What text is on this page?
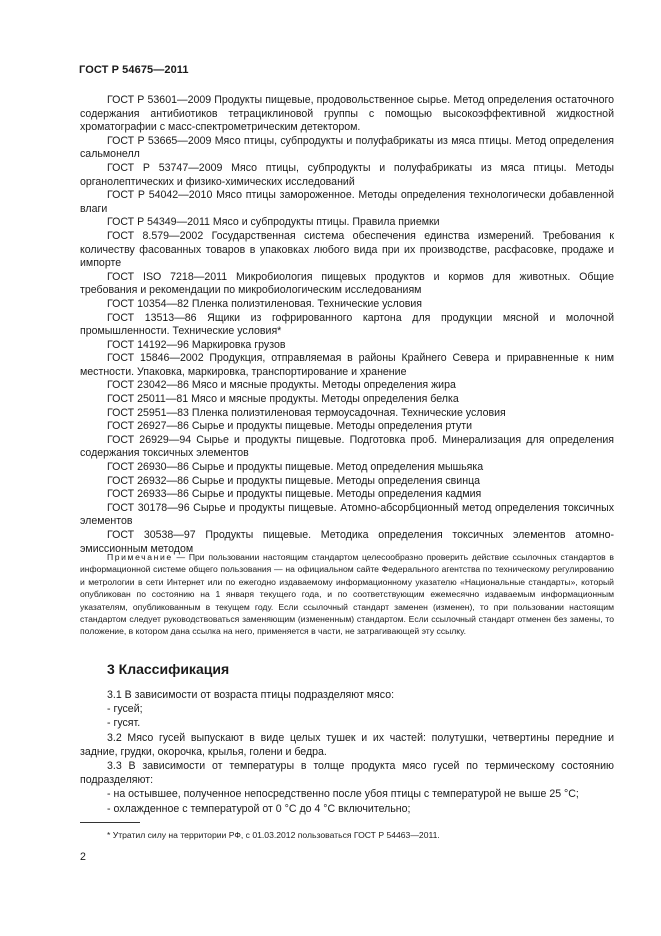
ГОСТ Р 54675—2011

ГОСТ Р 53601—2009 Продукты пищевые, продовольственное сырье. Метод определения остаточного содержания антибиотиков тетрациклиновой группы с помощью высокоэффективной жидкостной хроматографии с масс-спектрометрическим детектором.

ГОСТ Р 53665—2009 Мясо птицы, субпродукты и полуфабрикаты из мяса птицы. Метод определения сальмонелл

ГОСТ Р 53747—2009 Мясо птицы, субпродукты и полуфабрикаты из мяса птицы. Методы органолептических и физико-химических исследований

ГОСТ Р 54042—2010 Мясо птицы замороженное. Методы определения технологически добавленной влаги

ГОСТ Р 54349—2011 Мясо и субпродукты птицы. Правила приемки

ГОСТ 8.579—2002 Государственная система обеспечения единства измерений. Требования к количеству фасованных товаров в упаковках любого вида при их производстве, расфасовке, продаже и импорте

ГОСТ ISO 7218—2011 Микробиология пищевых продуктов и кормов для животных. Общие требования и рекомендации по микробиологическим исследованиям

ГОСТ 10354—82 Пленка полиэтиленовая. Технические условия

ГОСТ 13513—86 Ящики из гофрированного картона для продукции мясной и молочной промышленности. Технические условия*

ГОСТ 14192—96 Маркировка грузов

ГОСТ 15846—2002 Продукция, отправляемая в районы Крайнего Севера и приравненные к ним местности. Упаковка, маркировка, транспортирование и хранение

ГОСТ 23042—86 Мясо и мясные продукты. Методы определения жира

ГОСТ 25011—81 Мясо и мясные продукты. Методы определения белка

ГОСТ 25951—83 Пленка полиэтиленовая термоусадочная. Технические условия

ГОСТ 26927—86 Сырье и продукты пищевые. Методы определения ртути

ГОСТ 26929—94 Сырье и продукты пищевые. Подготовка проб. Минерализация для определения содержания токсичных элементов

ГОСТ 26930—86 Сырье и продукты пищевые. Метод определения мышьяка

ГОСТ 26932—86 Сырье и продукты пищевые. Методы определения свинца

ГОСТ 26933—86 Сырье и продукты пищевые. Методы определения кадмия

ГОСТ 30178—96 Сырье и продукты пищевые. Атомно-абсорбционный метод определения токсичных элементов

ГОСТ 30538—97 Продукты пищевые. Методика определения токсичных элементов атомно-эмиссионным методом

Примечание — При пользовании настоящим стандартом целесообразно проверить действие ссылочных стандартов в информационной системе общего пользования — на официальном сайте Федерального агентства по техническому регулированию и метрологии в сети Интернет или по ежегодно издаваемому информационному указателю «Национальные стандарты», который опубликован по состоянию на 1 января текущего года, и по соответствующим ежемесячно издаваемым информационным указателям, опубликованным в текущем году. Если ссылочный стандарт заменен (изменен), то при пользовании настоящим стандартом следует руководствоваться заменяющим (измененным) стандартом. Если ссылочный стандарт отменен без замены, то положение, в котором дана ссылка на него, применяется в части, не затрагивающей эту ссылку.

3 Классификация

3.1 В зависимости от возраста птицы подразделяют мясо:

- гусей;

- гусят.

3.2 Мясо гусей выпускают в виде целых тушек и их частей: полутушки, четвертины передние и задние, грудки, окорочка, крылья, голени и бедра.

3.3 В зависимости от температуры в толще продукта мясо гусей по термическому состоянию подразделяют:

- на остывшее, полученное непосредственно после убоя птицы с температурой не выше 25 °С;

- охлажденное с температурой от 0 °С до 4 °С включительно;

* Утратил силу на территории РФ, с 01.03.2012 пользоваться ГОСТ Р 54463—2011.
2
